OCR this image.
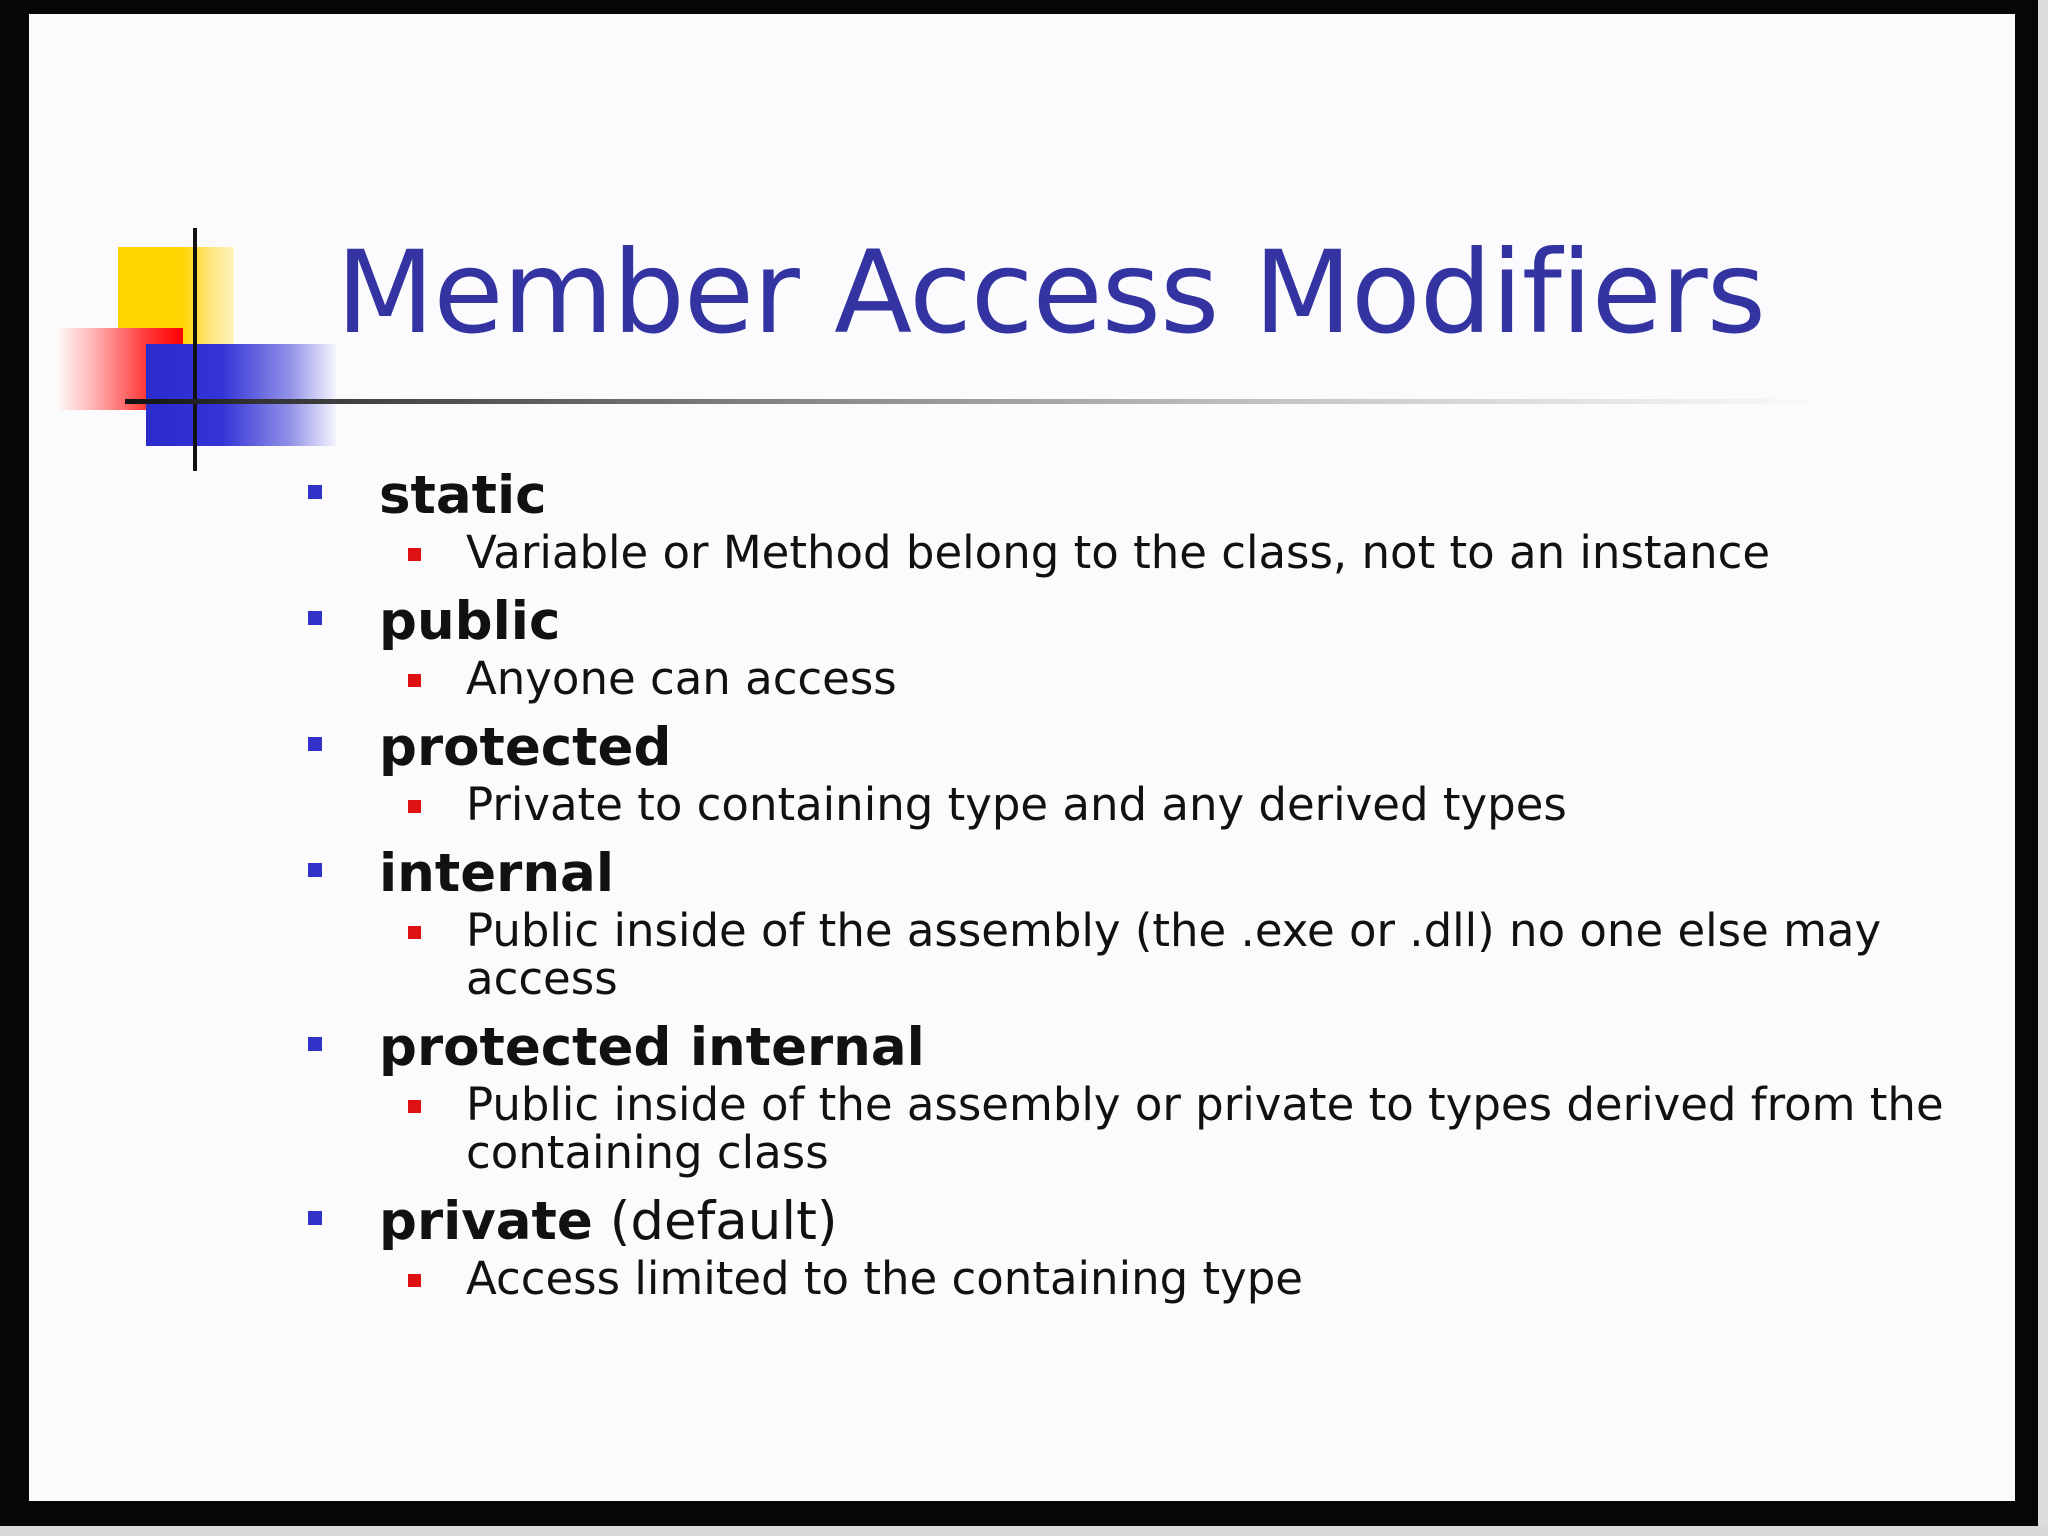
Member Access Modifiers
static
Variable or Method belong to the class, not to an instance
public
Anyone can access
protected
Private to containing type and any derived types
internal
Public inside of the assembly (the .exe or .dll) no one else may access
protected internal
Public inside of the assembly or private to types derived from the containing class
private (default)
Access limited to the containing type
